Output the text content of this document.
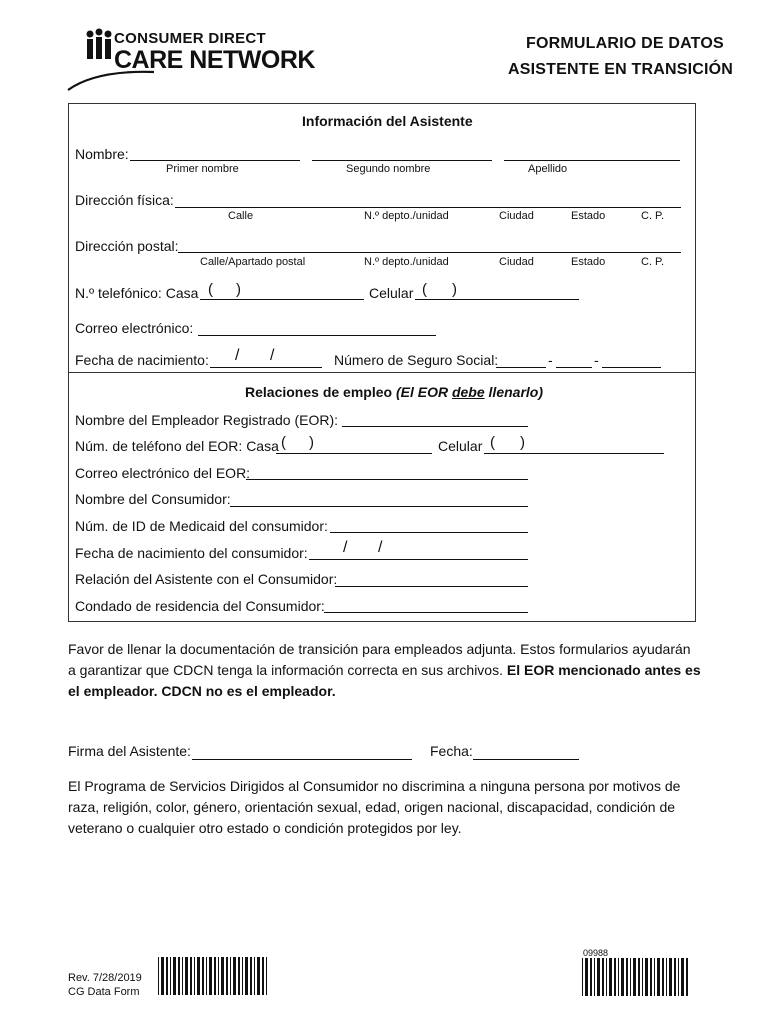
CONSUMER DIRECT
CARE NETWORK
FORMULARIO DE DATOS
ASISTENTE EN TRANSICIÓN
Información del Asistente
Nombre:
Primer nombre	Segundo nombre	Apellido
Dirección física:
Calle	N.º depto./unidad	Ciudad	Estado	C. P.
Dirección postal:
Calle/Apartado postal	N.º depto./unidad	Ciudad	Estado	C. P.
N.º telefónico: Casa ( )	Celular ( )
Correo electrónico:
Fecha de nacimiento: / /	Número de Seguro Social:	-	-
Relaciones de empleo (El EOR debe llenarlo)
Nombre del Empleador Registrado (EOR):
Núm. de teléfono del EOR: Casa ( )	Celular ( )
Correo electrónico del EOR:
Nombre del Consumidor:
Núm. de ID de Medicaid del consumidor:
Fecha de nacimiento del consumidor: / /
Relación del Asistente con el Consumidor:
Condado de residencia del Consumidor:
Favor de llenar la documentación de transición para empleados adjunta. Estos formularios ayudarán a garantizar que CDCN tenga la información correcta en sus archivos. El EOR mencionado antes es el empleador. CDCN no es el empleador.
Firma del Asistente:	Fecha:
El Programa de Servicios Dirigidos al Consumidor no discrimina a ninguna persona por motivos de raza, religión, color, género, orientación sexual, edad, origen nacional, discapacidad, condición de veterano o cualquier otro estado o condición protegidos por ley.
Rev. 7/28/2019
CG Data Form
09988
